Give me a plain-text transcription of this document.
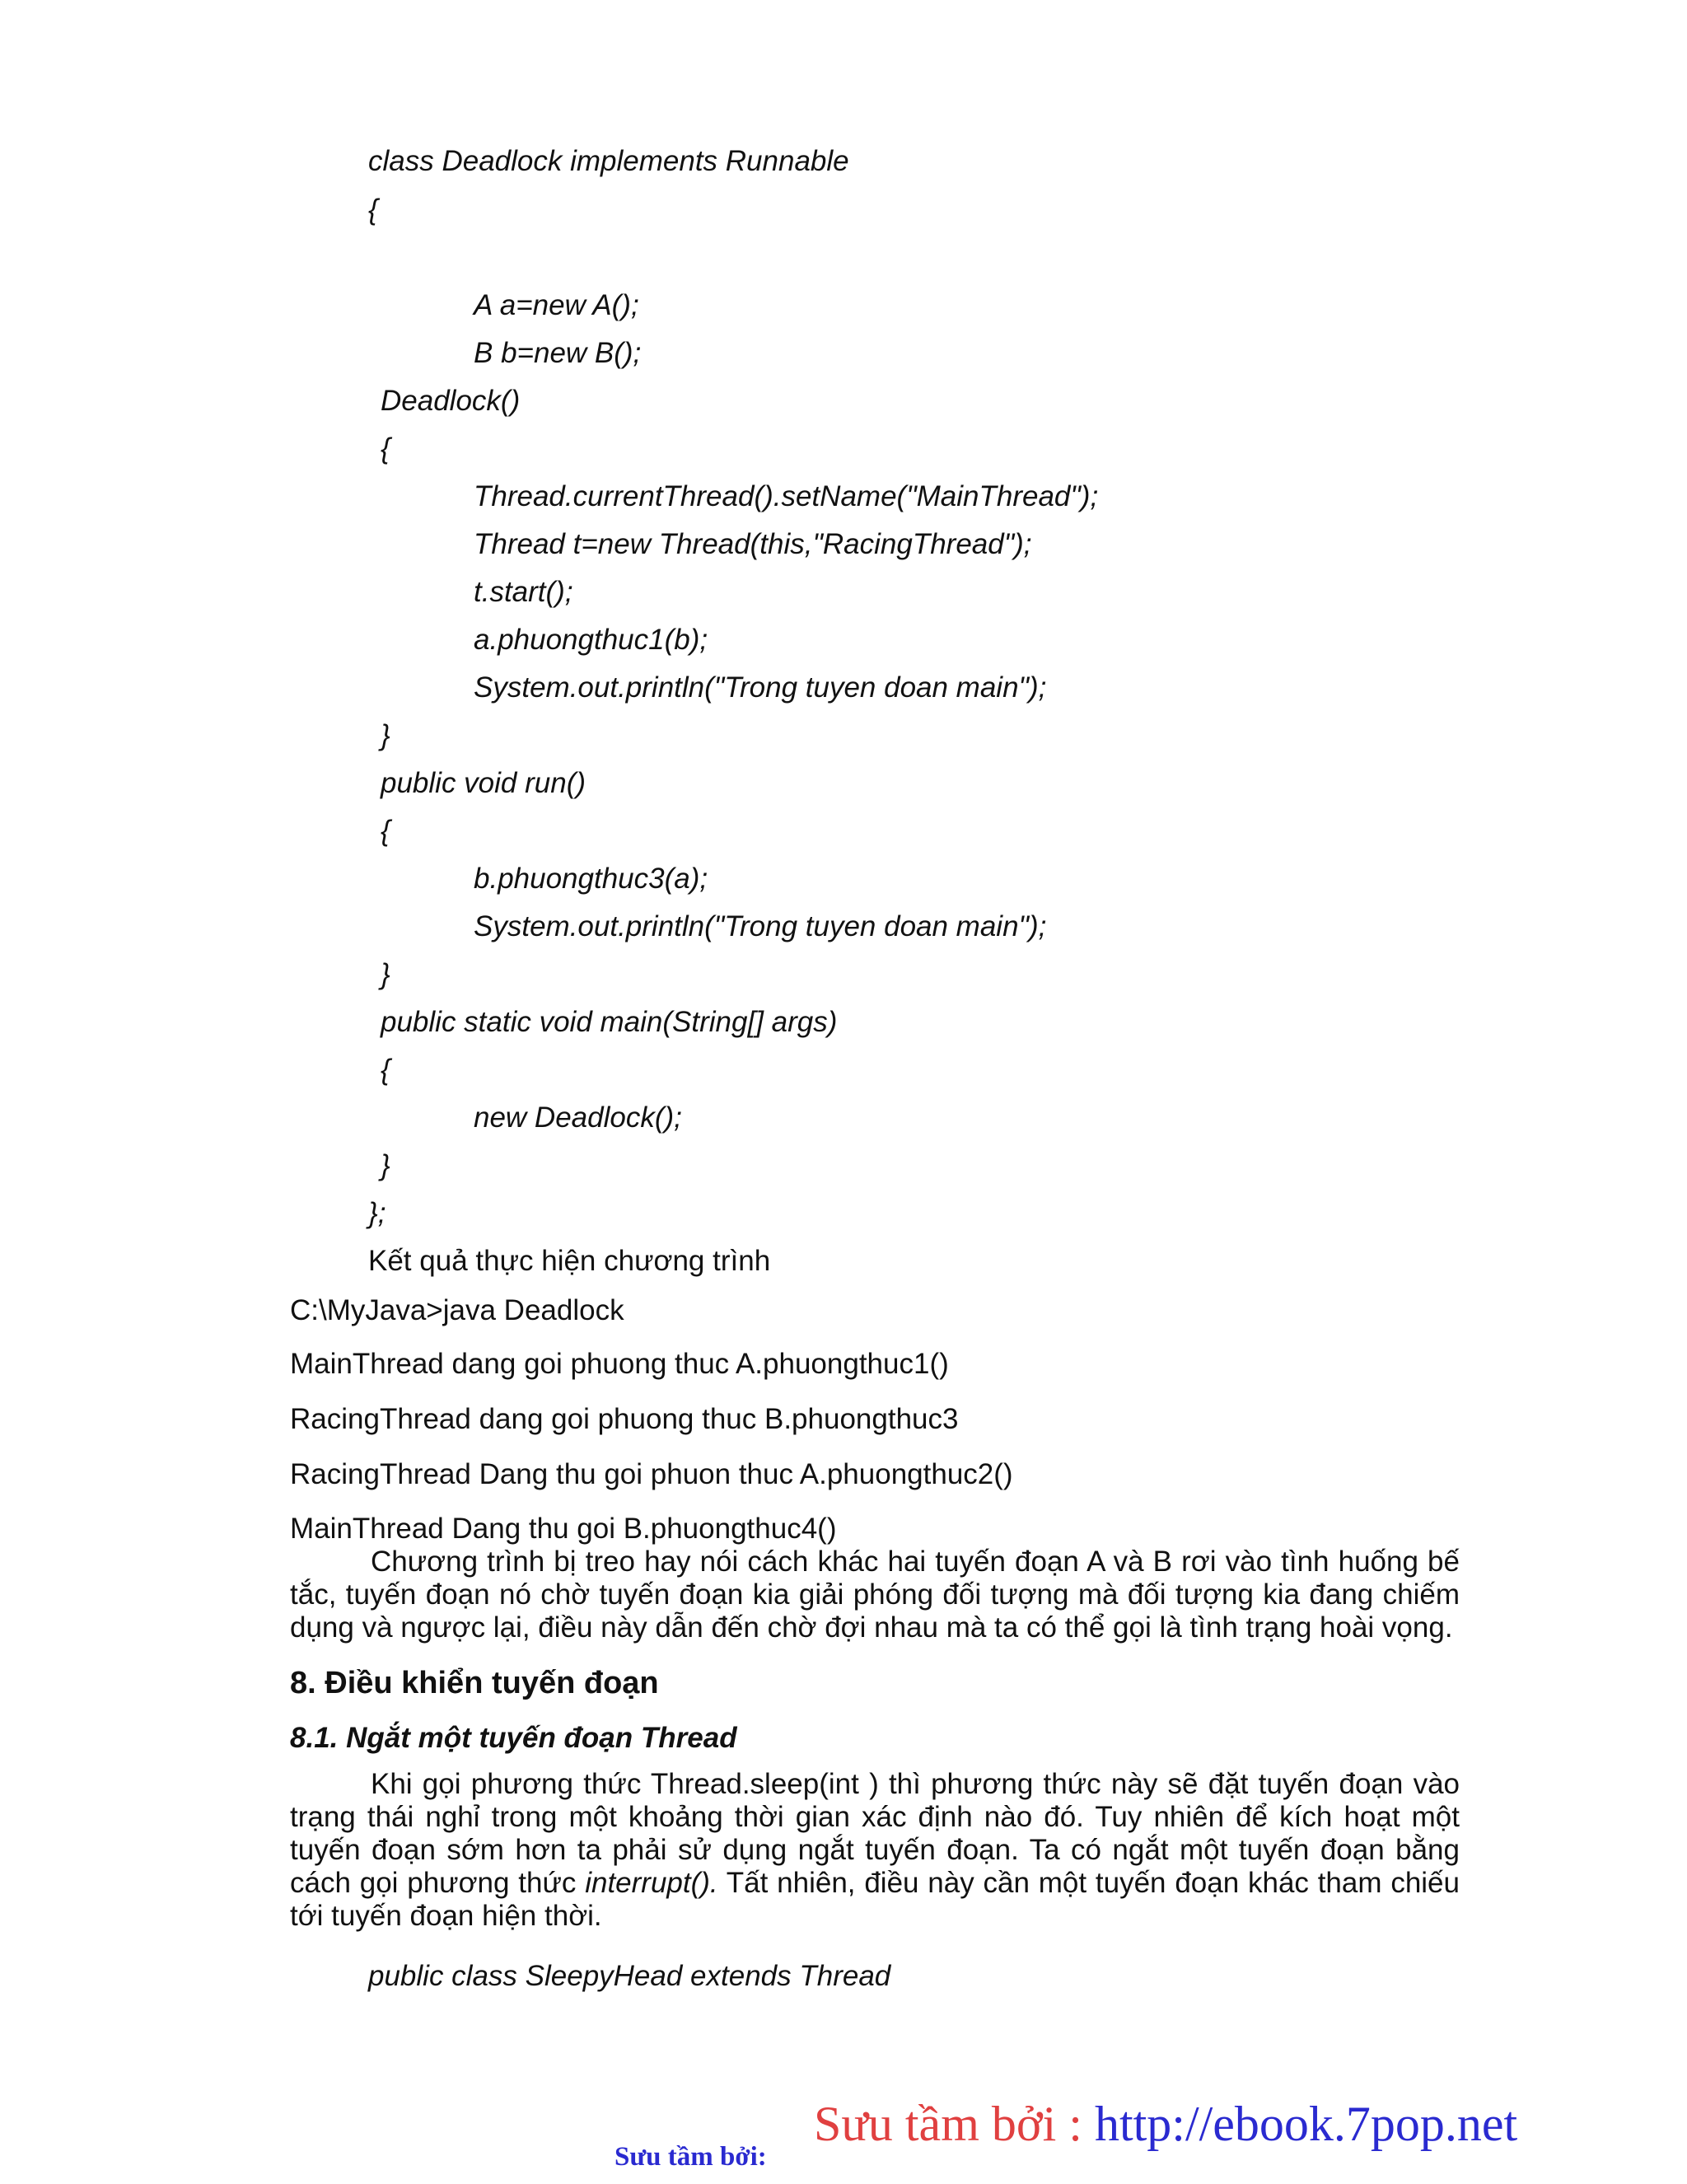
class Deadlock implements Runnable
{
A a=new A();
B b=new B();
Deadlock()
{
Thread.currentThread().setName("MainThread");
Thread t=new Thread(this,"RacingThread");
t.start();
a.phuongthuc1(b);
System.out.println("Trong tuyen doan main");
}
public void run()
{
b.phuongthuc3(a);
System.out.println("Trong tuyen doan main");
}
public static void main(String[] args)
{
new Deadlock();
}
};
Kết quả thực hiện chương trình
C:\MyJava>java Deadlock
MainThread dang goi phuong thuc A.phuongthuc1()
RacingThread dang goi phuong thuc B.phuongthuc3
RacingThread Dang thu goi phuon thuc A.phuongthuc2()
MainThread Dang thu goi B.phuongthuc4()
Chương trình bị treo hay nói cách khác hai tuyến đoạn A và B rơi vào tình huống bế tắc, tuyến đoạn nó chờ tuyến đoạn kia giải phóng đối tượng mà đối tượng kia đang chiếm dụng và ngược lại, điều này dẫn đến chờ đợi nhau mà ta có thể gọi là tình trạng hoài vọng.
8. Điều khiển tuyến đoạn
8.1. Ngắt một tuyến đoạn Thread
Khi gọi phương thức Thread.sleep(int ) thì phương thức này sẽ đặt tuyến đoạn vào trạng thái nghỉ trong một khoảng thời gian xác định nào đó. Tuy nhiên để kích hoạt một tuyến đoạn sớm hơn ta phải sử dụng ngắt tuyến đoạn. Ta có ngắt một tuyến đoạn bằng cách gọi phương thức interrupt(). Tất nhiên, điều này cần một tuyến đoạn khác tham chiếu tới tuyến đoạn hiện thời.
public class SleepyHead extends Thread
Sưu tầm bởi:
Sưu tầm bởi : http://ebook.7pop.net
